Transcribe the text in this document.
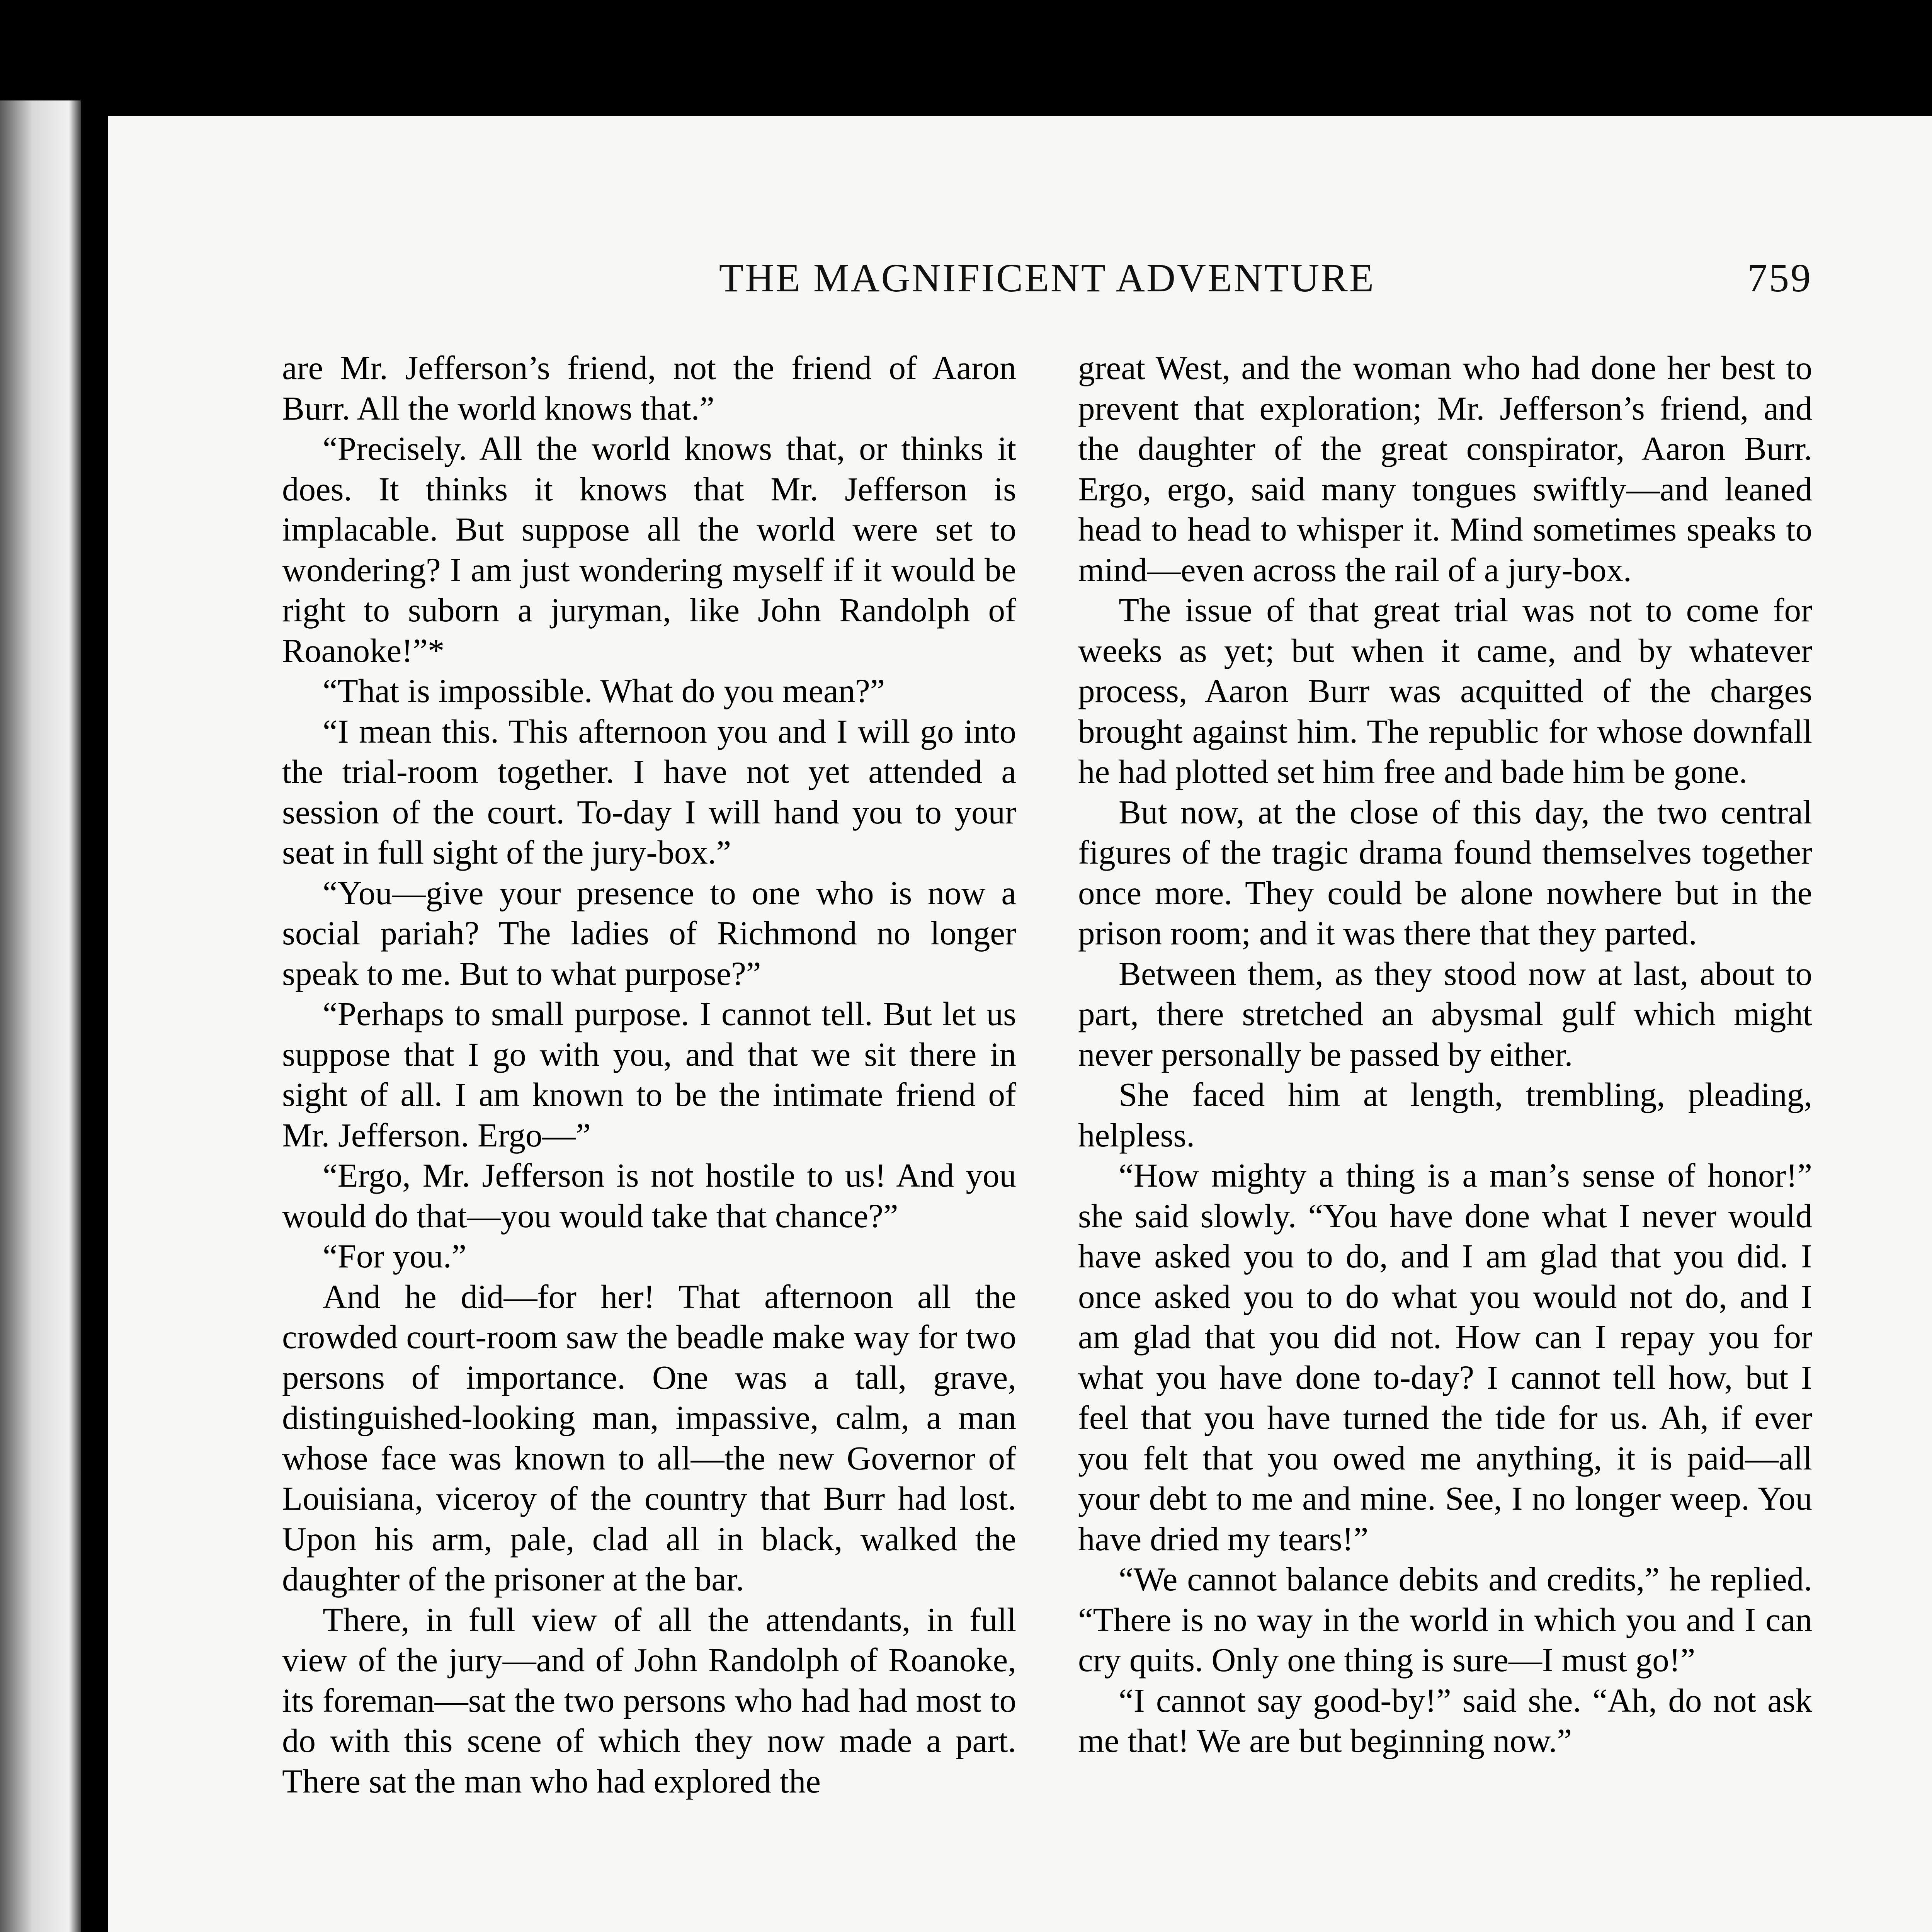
THE MAGNIFICENT ADVENTURE	759

are Mr. Jefferson’s friend, not the friend of Aaron Burr. All the world knows that.”

“Precisely. All the world knows that, or thinks it does. It thinks it knows that Mr. Jefferson is implacable. But suppose all the world were set to wondering? I am just wondering myself if it would be right to suborn a juryman, like John Randolph of Roanoke!”*

“That is impossible. What do you mean?”

“I mean this. This afternoon you and I will go into the trial-room together. I have not yet attended a session of the court. To-day I will hand you to your seat in full sight of the jury-box.”

“You—give your presence to one who is now a social pariah? The ladies of Richmond no longer speak to me. But to what purpose?”

“Perhaps to small purpose. I cannot tell. But let us suppose that I go with you, and that we sit there in sight of all. I am known to be the intimate friend of Mr. Jefferson. Ergo—”

“Ergo, Mr. Jefferson is not hostile to us! And you would do that—you would take that chance?”

“For you.”

And he did—for her! That afternoon all the crowded court-room saw the beadle make way for two persons of importance. One was a tall, grave, distinguished-looking man, impassive, calm, a man whose face was known to all—the new Governor of Louisiana, viceroy of the country that Burr had lost. Upon his arm, pale, clad all in black, walked the daughter of the prisoner at the bar.

There, in full view of all the attendants, in full view of the jury—and of John Randolph of Roanoke, its foreman—sat the two persons who had had most to do with this scene of which they now made a part. There sat the man who had explored the

great West, and the woman who had done her best to prevent that exploration; Mr. Jefferson’s friend, and the daughter of the great conspirator, Aaron Burr. Ergo, ergo, said many tongues swiftly—and leaned head to head to whisper it. Mind sometimes speaks to mind—even across the rail of a jury-box.

The issue of that great trial was not to come for weeks as yet; but when it came, and by whatever process, Aaron Burr was acquitted of the charges brought against him. The republic for whose downfall he had plotted set him free and bade him be gone.

But now, at the close of this day, the two central figures of the tragic drama found themselves together once more. They could be alone nowhere but in the prison room; and it was there that they parted.

Between them, as they stood now at last, about to part, there stretched an abysmal gulf which might never personally be passed by either.

She faced him at length, trembling, pleading, helpless.

“How mighty a thing is a man’s sense of honor!” she said slowly. “You have done what I never would have asked you to do, and I am glad that you did. I once asked you to do what you would not do, and I am glad that you did not. How can I repay you for what you have done to-day? I cannot tell how, but I feel that you have turned the tide for us. Ah, if ever you felt that you owed me anything, it is paid—all your debt to me and mine. See, I no longer weep. You have dried my tears!”

“We cannot balance debits and credits,” he replied. “There is no way in the world in which you and I can cry quits. Only one thing is sure—I must go!”

“I cannot say good-by!” said she. “Ah, do not ask me that! We are but beginning now.”
